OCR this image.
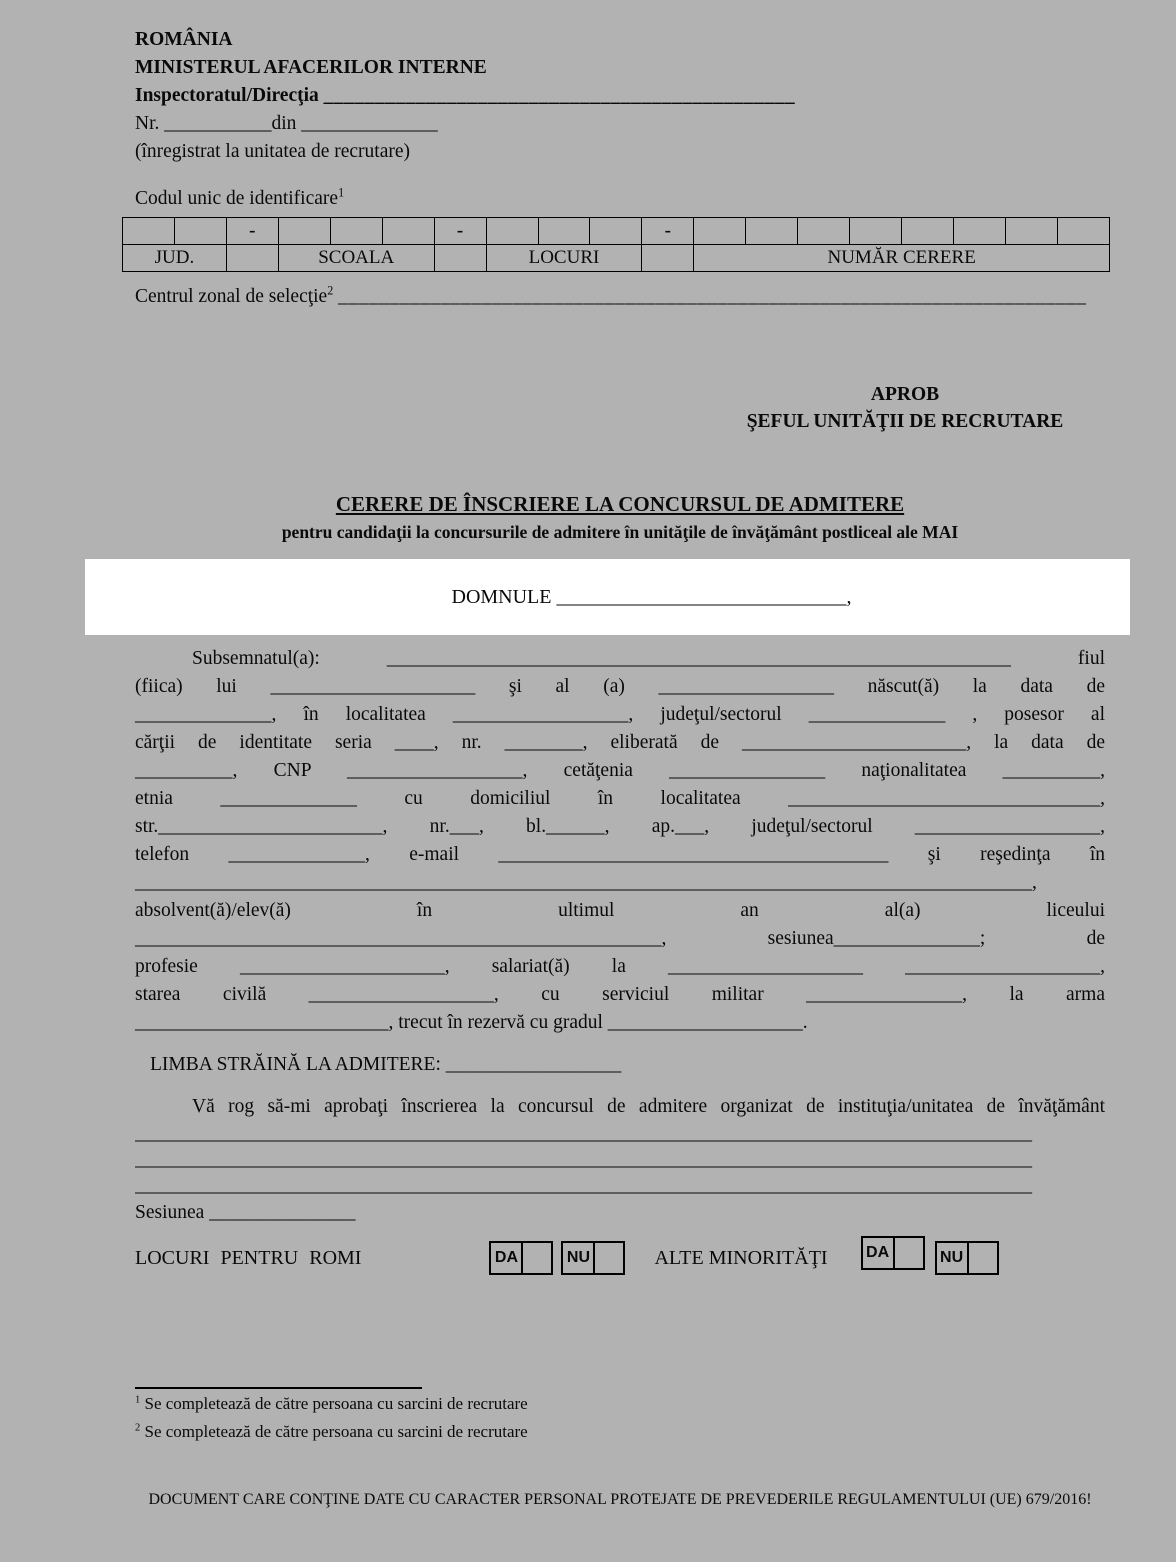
ROMÂNIA
MINISTERUL AFACERILOR INTERNE
Inspectoratul/Direcţia ______________________________________________
Nr. ___________din ______________
(înregistrat la unitatea de recrutare)
Codul unic de identificare$^1$
		-				-				-								
JUD.			SCOALA				LOCURI				NUMĂR CERERE							
Centrul zonal de selecţie$^2$ _________________________________________________________________________
APROB
ŞEFUL UNITĂŢII DE RECRUTARE
CERERE DE ÎNSCRIERE LA CONCURSUL DE ADMITERE
pentru candidaţii la concursurile de admitere în unităţile de învăţământ postliceal ale MAI
DOMNULE _____________________________,
Subsemnatul(a): ________________________________________________________________ fiul
(fiica) lui _____________________ şi al (a) __________________ născut(ă) la data de
______________, în localitatea __________________, judeţul/sectorul ______________ , posesor al
cărţii de identitate seria ____, nr. ________, eliberată de _______________________, la data de
__________, CNP __________________, cetăţenia ________________ naţionalitatea __________,
etnia ______________ cu domiciliul în localitatea ________________________________,
str._______________________, nr.___, bl.______, ap.___, judeţul/sectorul ___________________,
telefon ______________, e-mail ________________________________________ şi reşedinţa în
____________________________________________________________________________________________,
absolvent(ă)/elev(ă) în ultimul an al(a) liceului
______________________________________________________, sesiunea_______________; de
profesie _____________________, salariat(ă) la ____________________ ____________________,
starea civilă ___________________, cu serviciul militar ________________, la arma
__________________________, trecut în rezervă cu gradul ____________________.
LIMBA STRĂINĂ LA ADMITERE: __________________
Vă rog să-mi aprobaţi înscrierea la concursul de admitere organizat de instituţia/unitatea de învăţământ
____________________________________________________________________________________________
____________________________________________________________________________________________
____________________________________________________________________________________________
Sesiunea _______________
LOCURI PENTRU ROMI	DA	NU	ALTE MINORITĂŢI DA	NU
$^1$ Se completează de către persoana cu sarcini de recrutare
$^2$ Se completează de către persoana cu sarcini de recrutare
DOCUMENT CARE CONŢINE DATE CU CARACTER PERSONAL PROTEJATE DE PREVEDERILE REGULAMENTULUI (UE) 679/2016!
